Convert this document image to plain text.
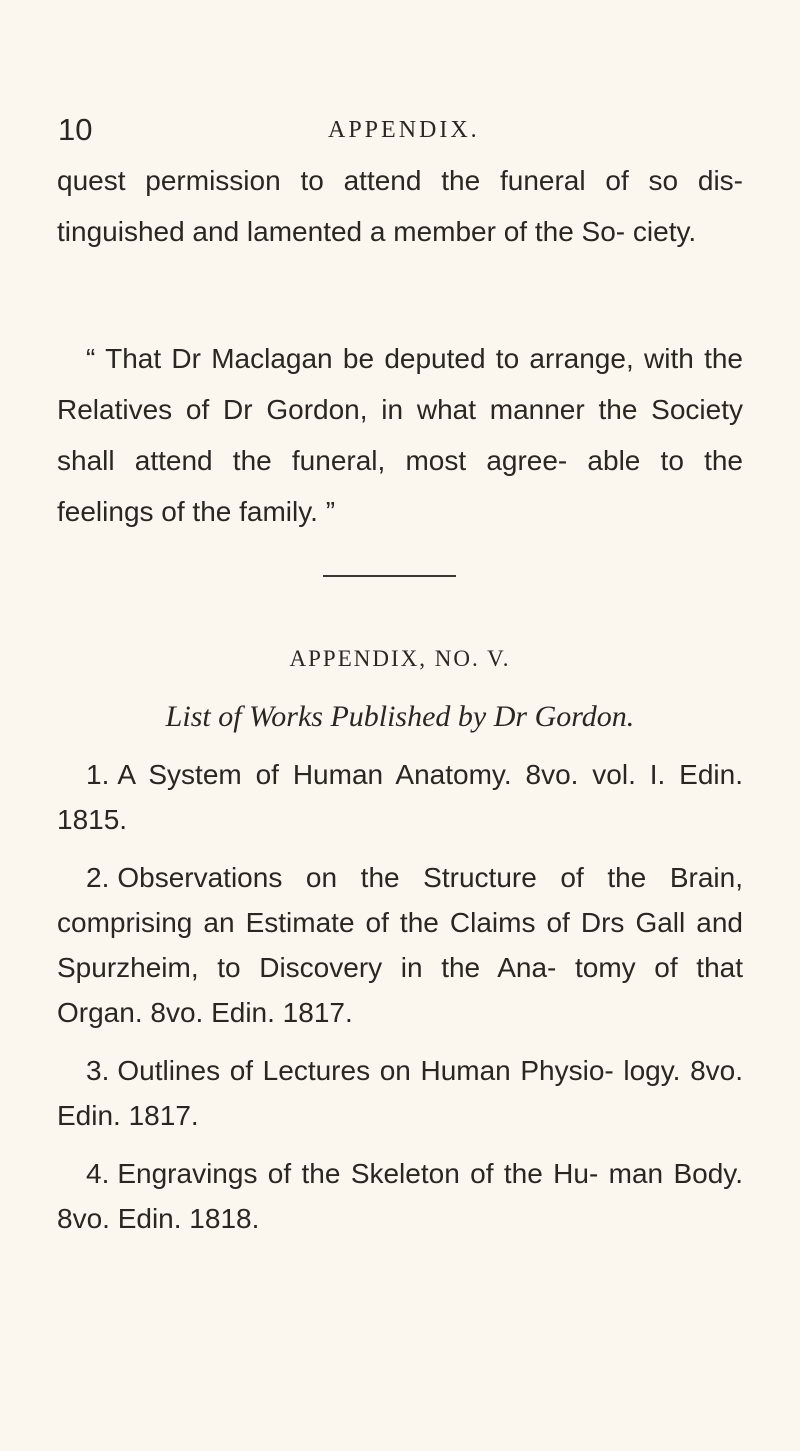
10	APPENDIX.

quest permission to attend the funeral of so dis- tinguished and lamented a member of the So- ciety.

“ That Dr Maclagan be deputed to arrange, with the Relatives of Dr Gordon, in what manner the Society shall attend the funeral, most agree- able to the feelings of the family. ”

APPENDIX, NO. V.
List of Works Published by Dr Gordon.
1. A System of Human Anatomy. 8vo. vol. I. Edin. 1815.
2. Observations on the Structure of the Brain, comprising an Estimate of the Claims of Drs Gall and Spurzheim, to Discovery in the Ana- tomy of that Organ. 8vo. Edin. 1817.
3. Outlines of Lectures on Human Physio- logy. 8vo. Edin. 1817.
4. Engravings of the Skeleton of the Hu- man Body. 8vo. Edin. 1818.
